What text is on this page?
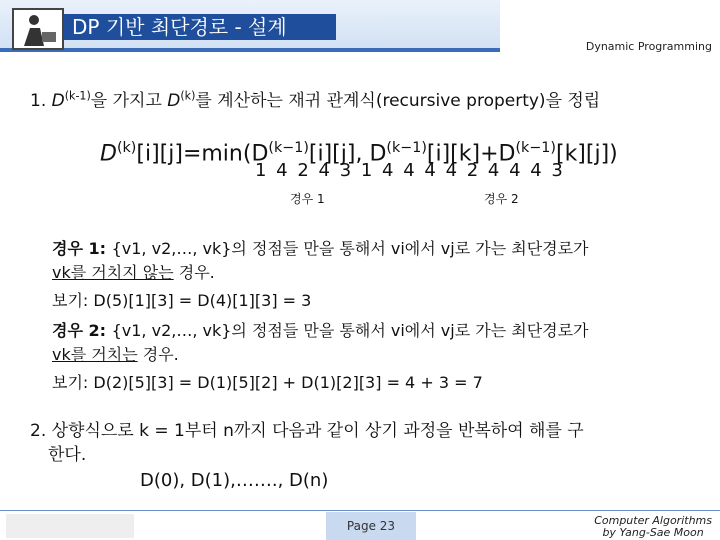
DP 기반 최단경로 - 설계
Dynamic Programming
1. $D^{(k-1)}$을 가지고 $D^{(k)}$를 계산하는 재귀 관계식(recursive property)을 정립
$D^{(k)}[i][j]=\min(D^{(k-1)}[i][j]$, $D^{(k-1)}[i][k]+D^{(k-1)}[k][j]$)
1 4 2 4 3 1 4 4 4 4 2 4 4 4 3
경우 1	경우 2
경우 1: {v1, v2,…, vk}의 정점들 만을 통해서 vi에서 vj로 가는 최단경로가
vk를 거치지 않는 경우.
보기: D(5)[1][3] = D(4)[1][3] = 3
경우 2: {v1, v2,…, vk}의 정점들 만을 통해서 vi에서 vj로 가는 최단경로가
vk를 거치는 경우.
보기: D(2)[5][3] = D(1)[5][2] + D(1)[2][3] = 4 + 3 = 7
2. 상향식으로 k = 1부터 n까지 다음과 같이 상기 과정을 반복하여 해를 구
한다.
D(0), D(1),……., D(n)
Page 23	Computer Algorithms
by Yang-Sae Moon
